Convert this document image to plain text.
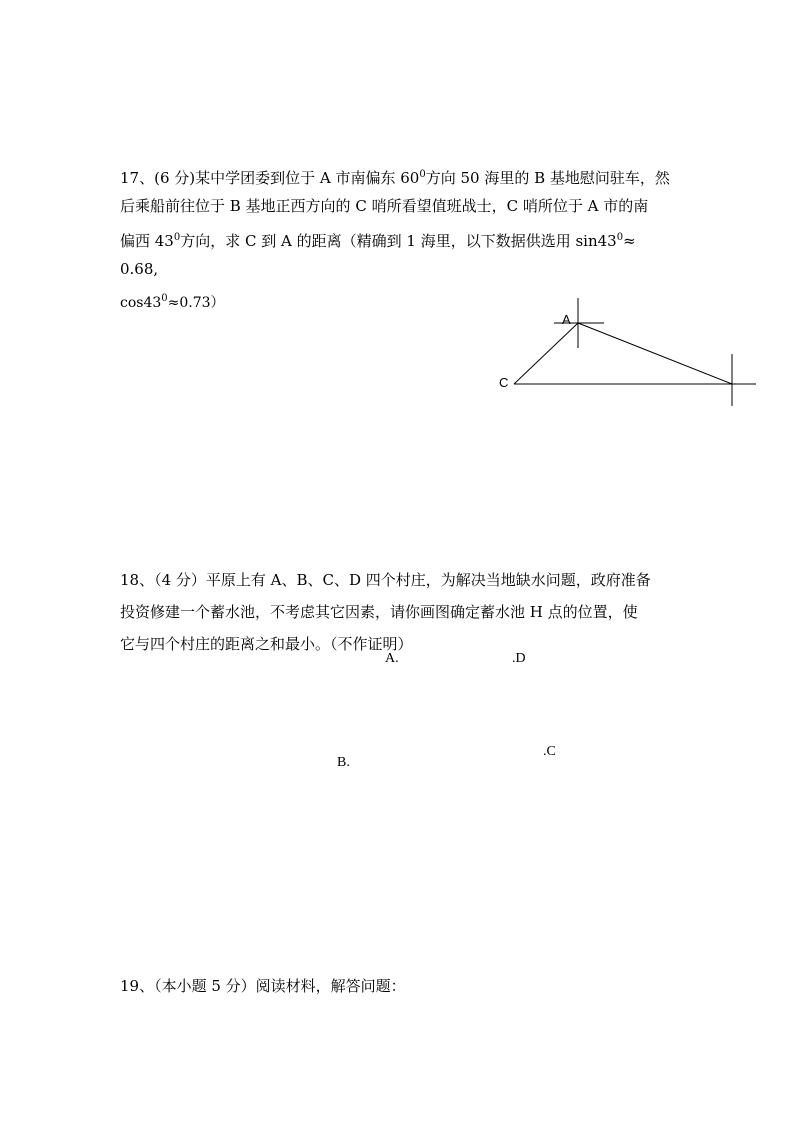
17、(6 分)某中学团委到位于 A 市南偏东 $60^0$方向 50 海里的 B 基地慰问驻车，然
后乘船前往位于 B 基地正西方向的 C 哨所看望值班战士，C 哨所位于 A 市的南
偏西 $43^0$方向，求 C 到 A 的距离（精确到 1 海里，以下数据供选用 $\sin 43^0\approx$
0.68,
$\cos 43^0\approx 0.73$）
A
C
18、（4 分）平原上有 A、B、C、D 四个村庄，为解决当地缺水问题，政府准备
投资修建一个蓄水池，不考虑其它因素，请你画图确定蓄水池 H 点的位置，使
它与四个村庄的距离之和最小。（不作证明）
A.	.D
B.
.C
19、（本小题 5 分）阅读材料，解答问题：
